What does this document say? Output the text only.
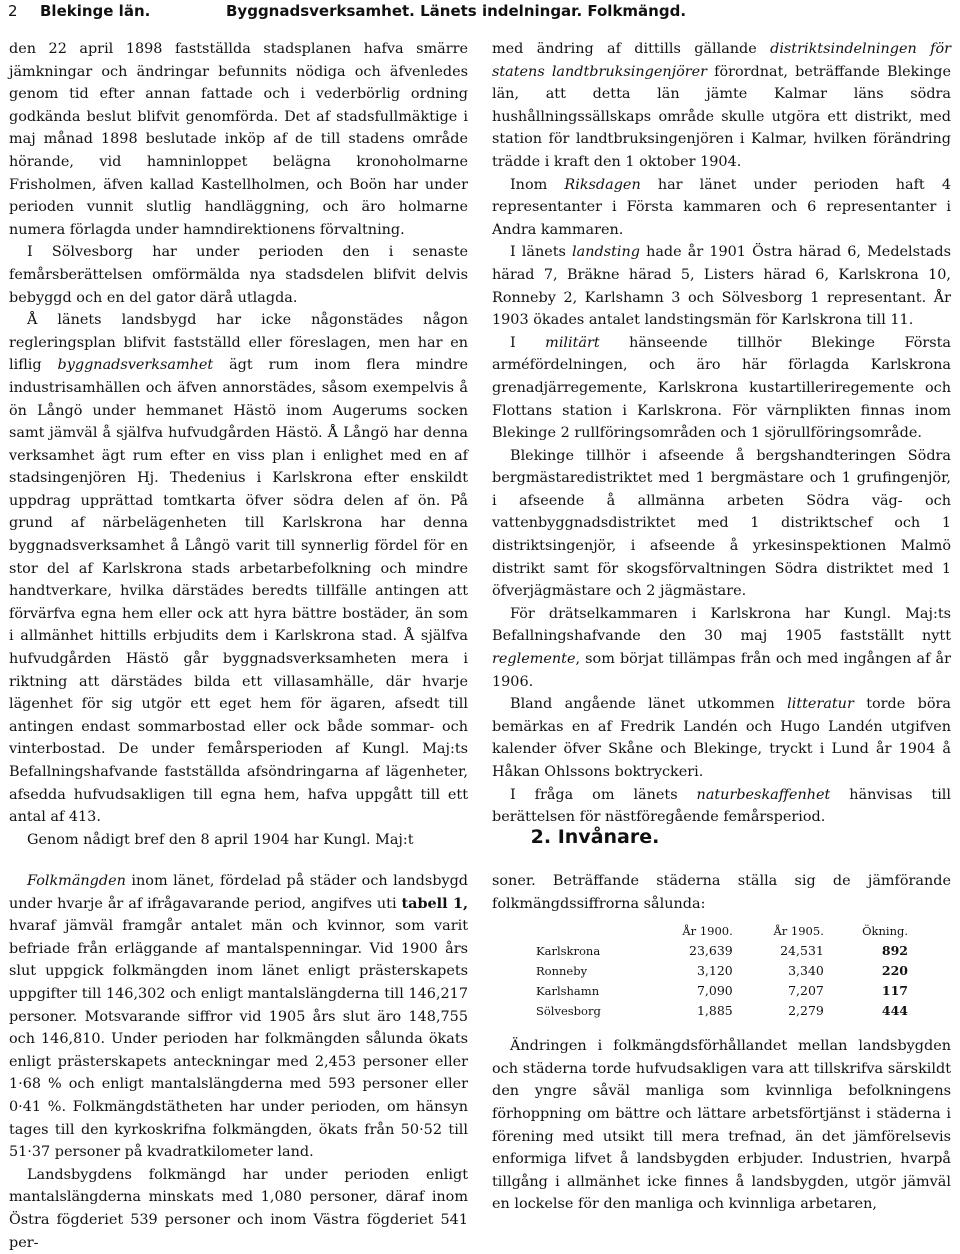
2 Blekinge län.	Byggnadsverksamhet. Länets indelningar. Folkmängd.

den 22 april 1898 fastställda stadsplanen hafva smärre jämkningar och ändringar befunnits nödiga och äfvenledes genom tid efter annan fattade och i vederbörlig ordning godkända beslut blifvit genomförda. Det af stadsfullmäktige i maj månad 1898 beslutade inköp af de till stadens område hörande, vid hamninloppet belägna kronoholmarne Frisholmen, äfven kallad Kastellholmen, och Boön har under perioden vunnit slutlig handläggning, och äro holmarne numera förlagda under hamndirektionens förvaltning.

I Sölvesborg har under perioden den i senaste femårsberättelsen omförmälda nya stadsdelen blifvit delvis bebyggd och en del gator därå utlagda.

Å länets landsbygd har icke någonstädes någon regleringsplan blifvit fastställd eller föreslagen, men har en liflig byggnadsverksamhet ägt rum inom flera mindre industrisamhällen och äfven annorstädes, såsom exempelvis å ön Långö under hemmanet Hästö inom Augerums socken samt jämväl å själfva hufvudgården Hästö. Å Långö har denna verksamhet ägt rum efter en viss plan i enlighet med en af stadsingenjören Hj. Thedenius i Karlskrona efter enskildt uppdrag upprättad tomtkarta öfver södra delen af ön. På grund af närbelägenheten till Karlskrona har denna byggnadsverksamhet å Långö varit till synnerlig fördel för en stor del af Karlskrona stads arbetarbefolkning och mindre handtverkare, hvilka därstädes beredts tillfälle antingen att förvärfva egna hem eller ock att hyra bättre bostäder, än som i allmänhet hittills erbjudits dem i Karlskrona stad. Å själfva hufvudgården Hästö går byggnadsverksamheten mera i riktning att därstädes bilda ett villasamhälle, där hvarje lägenhet för sig utgör ett eget hem för ägaren, afsedt till antingen endast sommarbostad eller ock både sommar- och vinterbostad. De under femårsperioden af Kungl. Maj:ts Befallningshafvande fastställda afsöndringarna af lägenheter, afsedda hufvudsakligen till egna hem, hafva uppgått till ett antal af 413.

Genom nådigt bref den 8 april 1904 har Kungl. Maj:t

med ändring af dittills gällande distriktsindelningen för statens landtbruksingenjörer förordnat, beträffande Blekinge län, att detta län jämte Kalmar läns södra hushållningssällskaps område skulle utgöra ett distrikt, med station för landtbruksingenjören i Kalmar, hvilken förändring trädde i kraft den 1 oktober 1904.

Inom Riksdagen har länet under perioden haft 4 representanter i Första kammaren och 6 representanter i Andra kammaren.

I länets landsting hade år 1901 Östra härad 6, Medelstads härad 7, Bräkne härad 5, Listers härad 6, Karlskrona 10, Ronneby 2, Karlshamn 3 och Sölvesborg 1 representant. År 1903 ökades antalet landstingsmän för Karlskrona till 11.

I militärt hänseende tillhör Blekinge Första arméfördelningen, och äro här förlagda Karlskrona grenadjärregemente, Karlskrona kustartilleriregemente och Flottans station i Karlskrona. För värnplikten finnas inom Blekinge 2 rullföringsområden och 1 sjörullföringsområde.

Blekinge tillhör i afseende å bergshandteringen Södra bergmästaredistriktet med 1 bergmästare och 1 grufingenjör, i afseende å allmänna arbeten Södra väg- och vattenbyggnadsdistriktet med 1 distriktschef och 1 distriktsingenjör, i afseende å yrkesinspektionen Malmö distrikt samt för skogsförvaltningen Södra distriktet med 1 öfverjägmästare och 2 jägmästare.

För drätselkammaren i Karlskrona har Kungl. Maj:ts Befallningshafvande den 30 maj 1905 fastställt nytt reglemente, som börjat tillämpas från och med ingången af år 1906.

Bland angående länet utkommen litteratur torde böra bemärkas en af Fredrik Landén och Hugo Landén utgifven kalender öfver Skåne och Blekinge, tryckt i Lund år 1904 å Håkan Ohlssons boktryckeri.

I fråga om länets naturbeskaffenhet hänvisas till berättelsen för nästföregående femårsperiod.

2. Invånare.

Folkmängden inom länet, fördelad på städer och landsbygd under hvarje år af ifrågavarande period, angifves uti tabell 1, hvaraf jämväl framgår antalet män och kvinnor, som varit befriade från erläggande af mantalspenningar. Vid 1900 års slut uppgick folkmängden inom länet enligt prästerskapets uppgifter till 146,302 och enligt mantalslängderna till 146,217 personer. Motsvarande siffror vid 1905 års slut äro 148,755 och 146,810. Under perioden har folkmängden sålunda ökats enligt prästerskapets anteckningar med 2,453 personer eller 1·68 % och enligt mantalslängderna med 593 personer eller 0·41 %. Folkmängdstätheten har under perioden, om hänsyn tages till den kyrkoskrifna folkmängden, ökats från 50·52 till 51·37 personer på kvadratkilometer land.

Landsbygdens folkmängd har under perioden enligt mantalslängderna minskats med 1,080 personer, däraf inom Östra fögderiet 539 personer och inom Västra fögderiet 541 per-

soner. Beträffande städerna ställa sig de jämförande folkmängdssiffrorna sålunda:

	År 1900.	År 1905.	Ökning.
Karlskrona	23,639	24,531	892
Ronneby	3,120	3,340	220
Karlshamn	7,090	7,207	117
Sölvesborg	1,885	2,279	444

Ändringen i folkmängdsförhållandet mellan landsbygden och städerna torde hufvudsakligen vara att tillskrifva särskildt den yngre såväl manliga som kvinnliga befolkningens förhoppning om bättre och lättare arbetsförtjänst i städerna i förening med utsikt till mera trefnad, än det jämförelsevis enformiga lifvet å landsbygden erbjuder. Industrien, hvarpå tillgång i allmänhet icke finnes å landsbygden, utgör jämväl en lockelse för den manliga och kvinnliga arbetaren,
